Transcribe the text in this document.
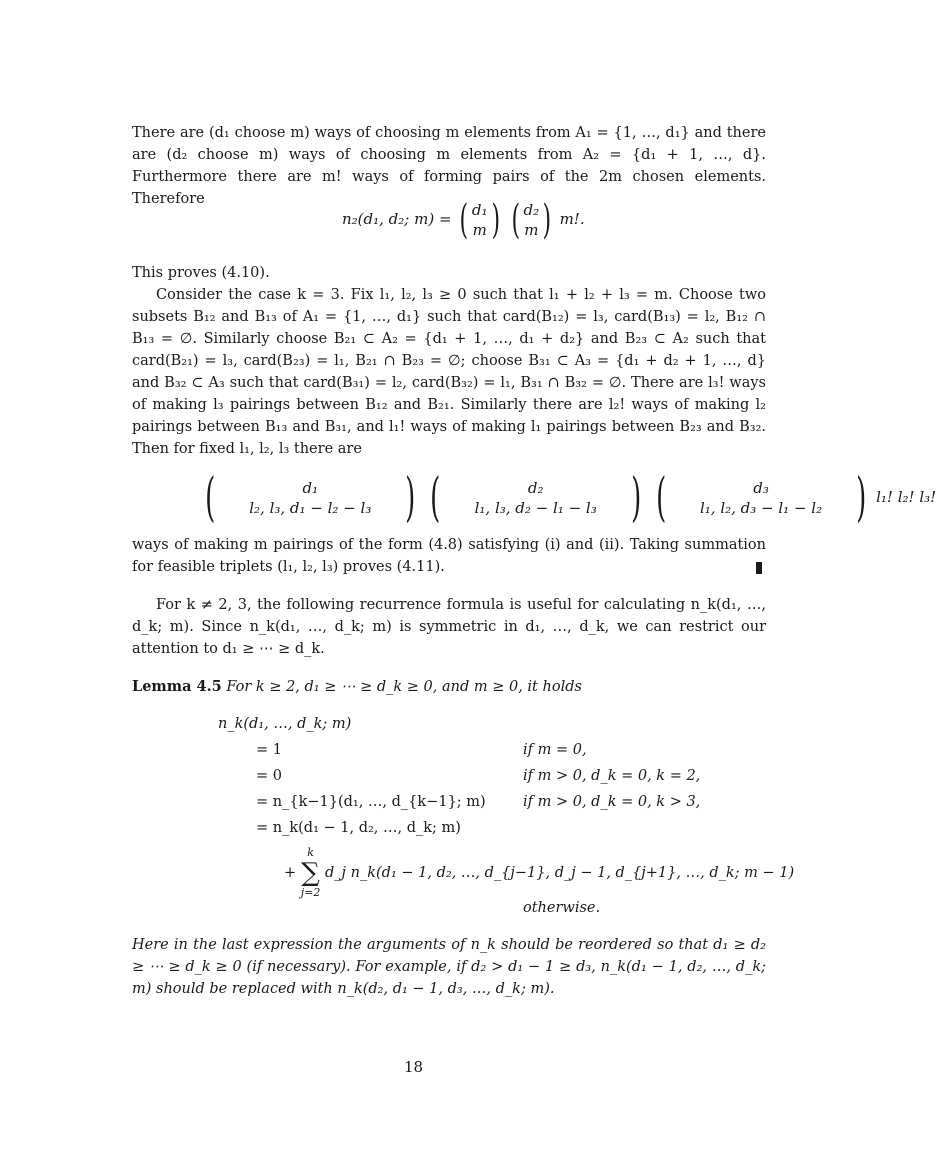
There are (d₁ choose m) ways of choosing m elements from A₁ = {1, …, d₁} and there are (d₂ choose m) ways of choosing m elements from A₂ = {d₁ + 1, …, d}. Furthermore there are m! ways of forming pairs of the 2m chosen elements. Therefore

n₂(d₁, d₂; m) = ( d₁
m )
( d₂
m ) m!.

This proves (4.10).

Consider the case k = 3. Fix l₁, l₂, l₃ ≥ 0 such that l₁ + l₂ + l₃ = m. Choose two subsets B₁₂ and B₁₃ of A₁ = {1, …, d₁} such that card(B₁₂) = l₃, card(B₁₃) = l₂, B₁₂ ∩ B₁₃ = ∅. Similarly choose B₂₁ ⊂ A₂ = {d₁ + 1, …, d₁ + d₂} and B₂₃ ⊂ A₂ such that card(B₂₁) = l₃, card(B₂₃) = l₁, B₂₁ ∩ B₂₃ = ∅; choose B₃₁ ⊂ A₃ = {d₁ + d₂ + 1, …, d} and B₃₂ ⊂ A₃ such that card(B₃₁) = l₂, card(B₃₂) = l₁, B₃₁ ∩ B₃₂ = ∅. There are l₃! ways of making l₃ pairings between B₁₂ and B₂₁. Similarly there are l₂! ways of making l₂ pairings between B₁₃ and B₃₁, and l₁! ways of making l₁ pairings between B₂₃ and B₃₂. Then for fixed l₁, l₂, l₃ there are

(	d₁
l₂, l₃, d₁ − l₂ − l₃ )
(	d₂
l₁, l₃, d₂ − l₁ − l₃ )
(	d₃
l₁, l₂, d₃ − l₁ − l₂ ) l₁! l₂! l₃!

ways of making m pairings of the form (4.8) satisfying (i) and (ii). Taking summation for feasible triplets (l₁, l₂, l₃) proves (4.11).

For k ≠ 2, 3, the following recurrence formula is useful for calculating n_k(d₁, …, d_k; m). Since n_k(d₁, …, d_k; m) is symmetric in d₁, …, d_k, we can restrict our attention to d₁ ≥ ⋯ ≥ d_k.

Lemma 4.5 For k ≥ 2, d₁ ≥ ⋯ ≥ d_k ≥ 0, and m ≥ 0, it holds
n_k(d₁, …, d_k; m)
= 1	if m = 0,
= 0	if m > 0, d_k = 0, k = 2,
= n_{k−1}(d₁, …, d_{k−1}; m)	if m > 0, d_k = 0, k > 3,
= n_k(d₁ − 1, d₂, …, d_k; m)
+
k
∑
j=2
d_j n_k(d₁ − 1, d₂, …, d_{j−1}, d_j − 1, d_{j+1}, …, d_k; m − 1)
otherwise.

Here in the last expression the arguments of n_k should be reordered so that d₁ ≥ d₂ ≥ ⋯ ≥ d_k ≥ 0 (if necessary). For example, if d₂ > d₁ − 1 ≥ d₃, n_k(d₁ − 1, d₂, …, d_k; m) should be replaced with n_k(d₂, d₁ − 1, d₃, …, d_k; m).

18
